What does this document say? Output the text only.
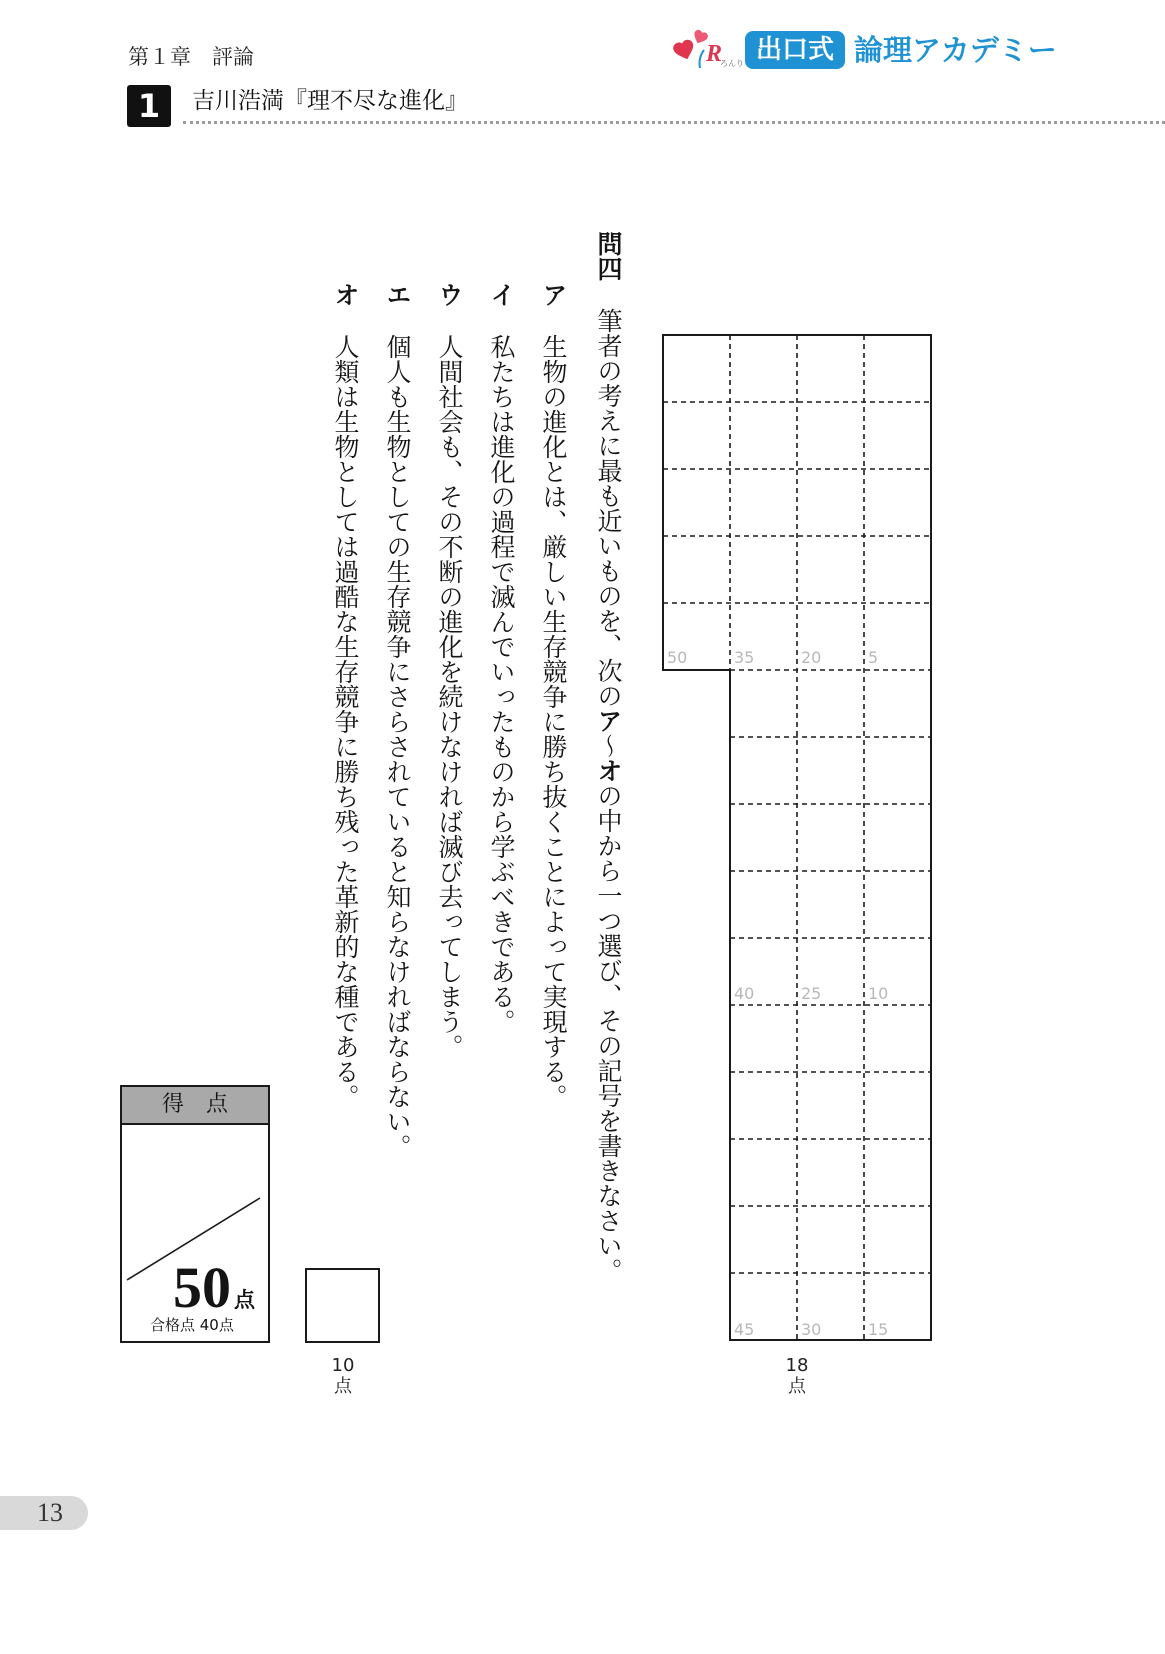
第１章　評論	R
ろんり 出口式 論理アカデミー
1	吉川浩満『理不尽な進化』
問四
筆者の考えに最も近いものを、次のア〜オの中から一つ選び、その記号を書きなさい。
ア
生物の進化とは、厳しい生存競争に勝ち抜くことによって実現する。
イ
私たちは進化の過程で滅んでいったものから学ぶべきである。
ウ
人間社会も、その不断の進化を続けなければ滅び去ってしまう。
エ
個人も生物としての生存競争にさらされていると知らなければならない。
オ
人類は生物としては過酷な生存競争に勝ち残った革新的な種である。	5
10
15
20
25
30
35
40
45
50
18
点
10
点
得　点
50 点
合格点 40点
13
